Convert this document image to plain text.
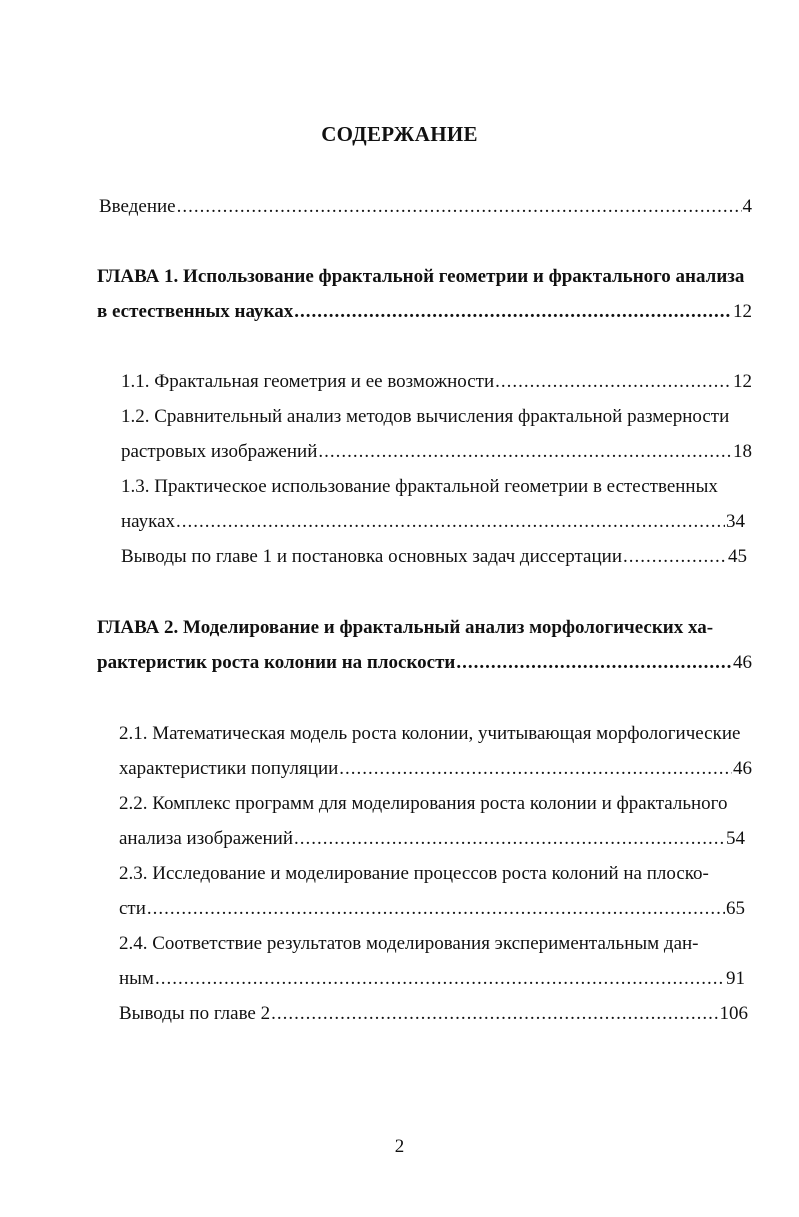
СОДЕРЖАНИЕ
Введение .....	4
ГЛАВА 1. Использование фрактальной геометрии и фрактального анализа
в естественных науках .....	12
1.1. Фрактальная геометрия и ее возможности .....	12
1.2. Сравнительный анализ методов вычисления фрактальной размерности
растровых изображений .....	18
1.3. Практическое использование фрактальной геометрии в естественных
науках .....	34
Выводы по главе 1 и постановка основных задач диссертации .....	45
ГЛАВА 2. Моделирование и фрактальный анализ морфологических ха-
рактеристик роста колонии на плоскости .....	46
2.1. Математическая модель роста колонии, учитывающая морфологические
характеристики популяции .....	46
2.2. Комплекс программ для моделирования роста колонии и фрактального
анализа изображений .....	54
2.3. Исследование и моделирование процессов роста колоний на плоско-
сти .....	65
2.4. Соответствие результатов моделирования экспериментальным дан-
ным .....	91
Выводы по главе 2 .....	106
2
